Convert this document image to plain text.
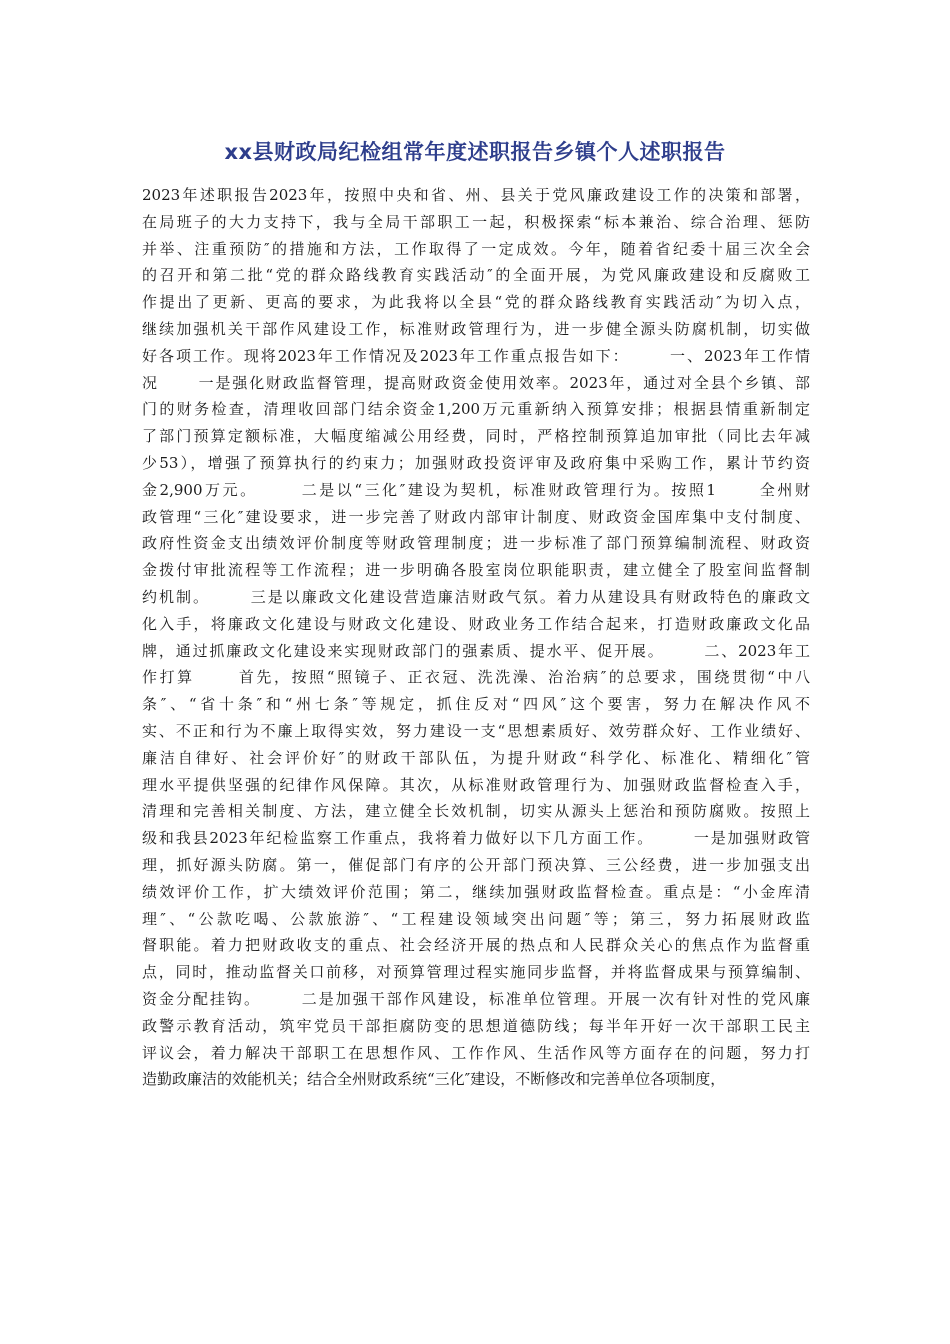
xx县财政局纪检组常年度述职报告乡镇个人述职报告
2023年述职报告2023年，按照中央和省、州、县关于党风廉政建设工作的决策和部署，
在局班子的大力支持下，我与全局干部职工一起，积极探索“标本兼治、综合治理、惩防
并举、注重预防″的措施和方法，工作取得了一定成效。今年，随着省纪委十届三次全会
的召开和第二批“党的群众路线教育实践活动″的全面开展，为党风廉政建设和反腐败工
作提出了更新、更高的要求，为此我将以全县“党的群众路线教育实践活动″为切入点，
继续加强机关干部作风建设工作，标准财政管理行为，进一步健全源头防腐机制，切实做
好各项工作。现将2023年工作情况及2023年工作重点报告如下：      一、2023年工作情
况      一是强化财政监督管理，提高财政资金使用效率。2023年，通过对全县个乡镇、部
门的财务检查，清理收回部门结余资金1,200万元重新纳入预算安排；根据县情重新制定
了部门预算定额标准，大幅度缩减公用经费，同时，严格控制预算追加审批（同比去年减
少53），增强了预算执行的约束力；加强财政投资评审及政府集中采购工作，累计节约资
金2,900万元。      二是以“三化″建设为契机，标准财政管理行为。按照1      全州财
政管理“三化″建设要求，进一步完善了财政内部审计制度、财政资金国库集中支付制度、
政府性资金支出绩效评价制度等财政管理制度；进一步标准了部门预算编制流程、财政资
金拨付审批流程等工作流程；进一步明确各股室岗位职能职责，建立健全了股室间监督制
约机制。      三是以廉政文化建设营造廉洁财政气氛。着力从建设具有财政特色的廉政文
化入手，将廉政文化建设与财政文化建设、财政业务工作结合起来，打造财政廉政文化品
牌，通过抓廉政文化建设来实现财政部门的强素质、提水平、促开展。      二、2023年工
作打算      首先，按照“照镜子、正衣冠、洗洗澡、治治病″的总要求，围绕贯彻“中八
条″、“省十条″和“州七条″等规定，抓住反对“四风″这个要害，努力在解决作风不
实、不正和行为不廉上取得实效，努力建设一支“思想素质好、效劳群众好、工作业绩好、
廉洁自律好、社会评价好″的财政干部队伍，为提升财政“科学化、标准化、精细化″管
理水平提供坚强的纪律作风保障。其次，从标准财政管理行为、加强财政监督检查入手，
清理和完善相关制度、方法，建立健全长效机制，切实从源头上惩治和预防腐败。按照上
级和我县2023年纪检监察工作重点，我将着力做好以下几方面工作。      一是加强财政管
理，抓好源头防腐。第一，催促部门有序的公开部门预决算、三公经费，进一步加强支出
绩效评价工作，扩大绩效评价范围；第二，继续加强财政监督检查。重点是：“小金库清
理″、“公款吃喝、公款旅游″、“工程建设领域突出问题″等；第三，努力拓展财政监
督职能。着力把财政收支的重点、社会经济开展的热点和人民群众关心的焦点作为监督重
点，同时，推动监督关口前移，对预算管理过程实施同步监督，并将监督成果与预算编制、
资金分配挂钩。      二是加强干部作风建设，标准单位管理。开展一次有针对性的党风廉
政警示教育活动，筑牢党员干部拒腐防变的思想道德防线；每半年开好一次干部职工民主
评议会，着力解决干部职工在思想作风、工作作风、生活作风等方面存在的问题，努力打
造勤政廉洁的效能机关；结合全州财政系统“三化″建设，不断修改和完善单位各项制度，
